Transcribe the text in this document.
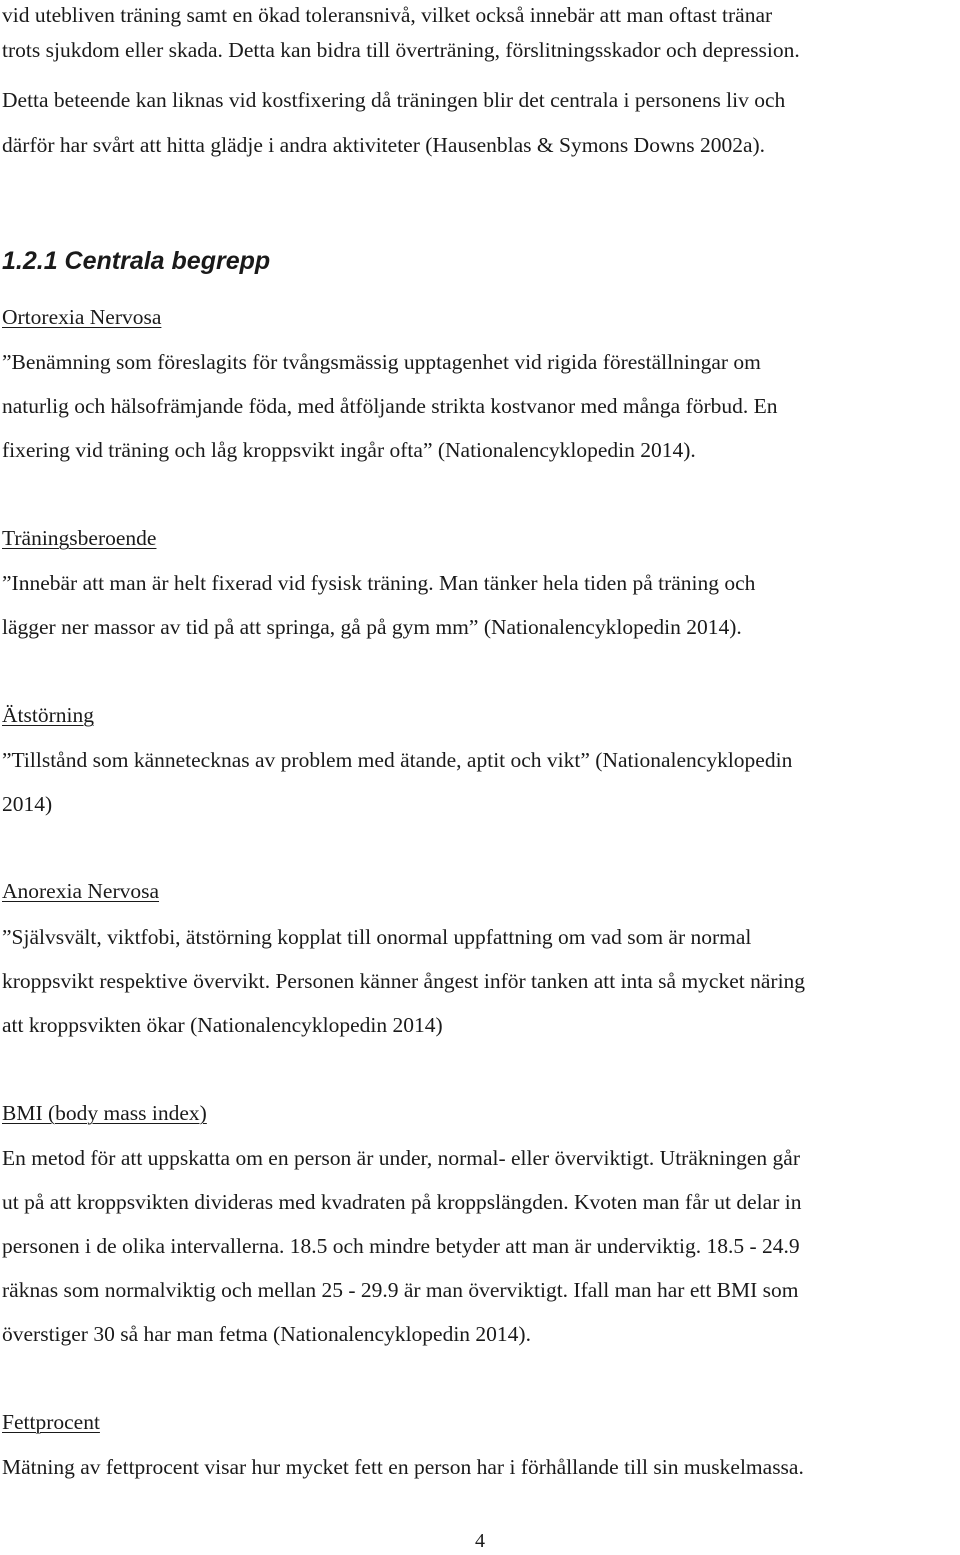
vid utebliven träning samt en ökad toleransnivå, vilket också innebär att man oftast tränar
trots sjukdom eller skada. Detta kan bidra till överträning, förslitningsskador och depression.
Detta beteende kan liknas vid kostfixering då träningen blir det centrala i personens liv och
därför har svårt att hitta glädje i andra aktiviteter (Hausenblas & Symons Downs 2002a).
1.2.1 Centrala begrepp
Ortorexia Nervosa
”Benämning som föreslagits för tvångsmässig upptagenhet vid rigida föreställningar om
naturlig och hälsofrämjande föda, med åtföljande strikta kostvanor med många förbud. En
fixering vid träning och låg kroppsvikt ingår ofta” (Nationalencyklopedin 2014).
Träningsberoende
”Innebär att man är helt fixerad vid fysisk träning. Man tänker hela tiden på träning och
lägger ner massor av tid på att springa, gå på gym mm” (Nationalencyklopedin 2014).
Ätstörning
”Tillstånd som kännetecknas av problem med ätande, aptit och vikt” (Nationalencyklopedin
2014)
Anorexia Nervosa
”Självsvält, viktfobi, ätstörning kopplat till onormal uppfattning om vad som är normal
kroppsvikt respektive övervikt. Personen känner ångest inför tanken att inta så mycket näring
att kroppsvikten ökar (Nationalencyklopedin 2014)
BMI (body mass index)
En metod för att uppskatta om en person är under, normal- eller överviktigt. Uträkningen går
ut på att kroppsvikten divideras med kvadraten på kroppslängden. Kvoten man får ut delar in
personen i de olika intervallerna. 18.5 och mindre betyder att man är underviktig. 18.5 - 24.9
räknas som normalviktig och mellan 25 - 29.9 är man överviktigt. Ifall man har ett BMI som
överstiger 30 så har man fetma (Nationalencyklopedin 2014).
Fettprocent
Mätning av fettprocent visar hur mycket fett en person har i förhållande till sin muskelmassa.
4
